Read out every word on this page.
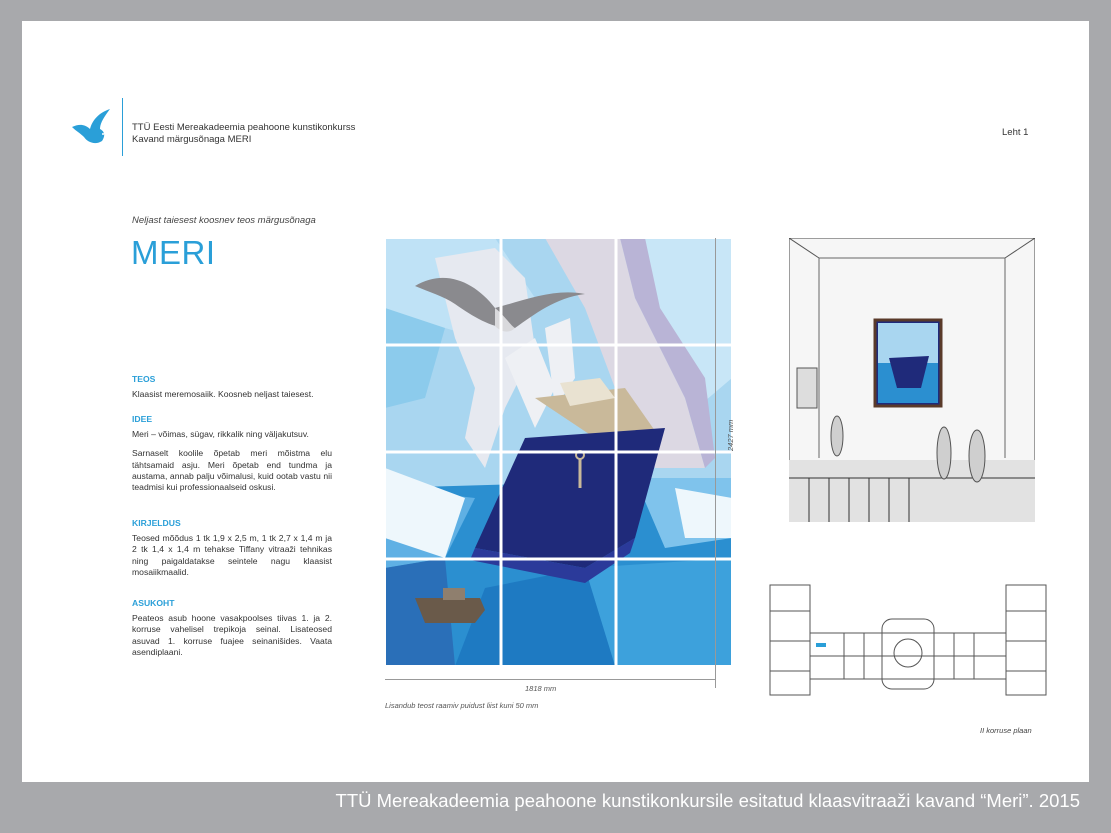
TTÜ Eesti Mereakadeemia peahoone kunstikonkurss
Kavand märgusõnaga MERI
Leht 1
Neljast taiesest koosnev teos märgusõnaga
MERI
TEOS

Klaasist meremosaiik. Koosneb neljast taiesest.

IDEE

Meri – võimas, sügav, rikkalik ning väljakutsuv.

Sarnaselt koolile õpetab meri mõistma elu tähtsamaid asju. Meri õpetab end tundma ja austama, annab palju võimalusi, kuid ootab vastu nii teadmisi kui professionaalseid oskusi.

KIRJELDUS

Teosed mõõdus 1 tk 1,9 x 2,5 m, 1 tk 2,7 x 1,4 m ja 2 tk 1,4 x 1,4 m tehakse Tiffany vitraaži tehnikas ning paigaldatakse seintele nagu klaasist mosaiikmaalid.

ASUKOHT

Peateos asub hoone vasakpoolses tiivas 1. ja 2. korruse vahelisel trepikoja seinal. Lisateosed asuvad 1. korruse fuajee seinanišides. Vaata asendiplaani.

2427 mm
1818 mm
Lisandub teost raamiv puidust liist kuni 50 mm
II korruse plaan
TTÜ Mereakadeemia peahoone kunstikonkursile esitatud klaasvitraaži kavand “Meri”. 2015
